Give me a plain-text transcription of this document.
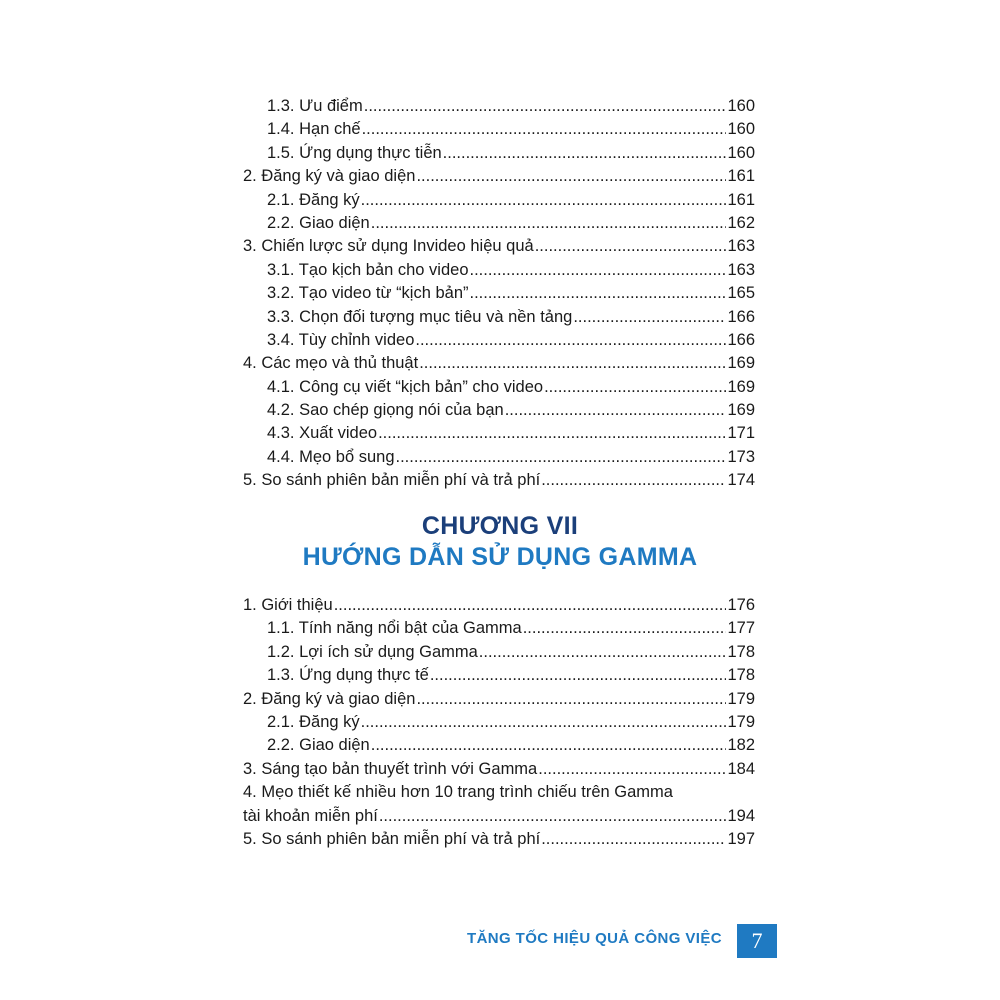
1.3. Ưu điểm .....	160
1.4. Hạn chế .....	160
1.5. Ứng dụng thực tiễn .....	160
2. Đăng ký và giao diện .....	161
2.1. Đăng ký .....	161
2.2. Giao diện .....	162
3. Chiến lược sử dụng Invideo hiệu quả .....	163
3.1. Tạo kịch bản cho video .....	163
3.2. Tạo video từ “kịch bản” .....	165
3.3. Chọn đối tượng mục tiêu và nền tảng .....	166
3.4. Tùy chỉnh video .....	166
4. Các mẹo và thủ thuật .....	169
4.1. Công cụ viết “kịch bản” cho video .....	169
4.2. Sao chép giọng nói của bạn .....	169
4.3. Xuất video .....	171
4.4. Mẹo bổ sung .....	173
5. So sánh phiên bản miễn phí và trả phí .....	174
CHƯƠNG VII
HƯỚNG DẪN SỬ DỤNG GAMMA
1. Giới thiệu .....	176
1.1. Tính năng nổi bật của Gamma .....	177
1.2. Lợi ích sử dụng Gamma .....	178
1.3. Ứng dụng thực tế .....	178
2. Đăng ký và giao diện .....	179
2.1. Đăng ký .....	179
2.2. Giao diện .....	182
3. Sáng tạo bản thuyết trình với Gamma .....	184
4. Mẹo thiết kế nhiều hơn 10 trang trình chiếu trên Gamma
tài khoản miễn phí .....	194
5. So sánh phiên bản miễn phí và trả phí .....	197
TĂNG TỐC HIỆU QUẢ CÔNG VIỆC	7
